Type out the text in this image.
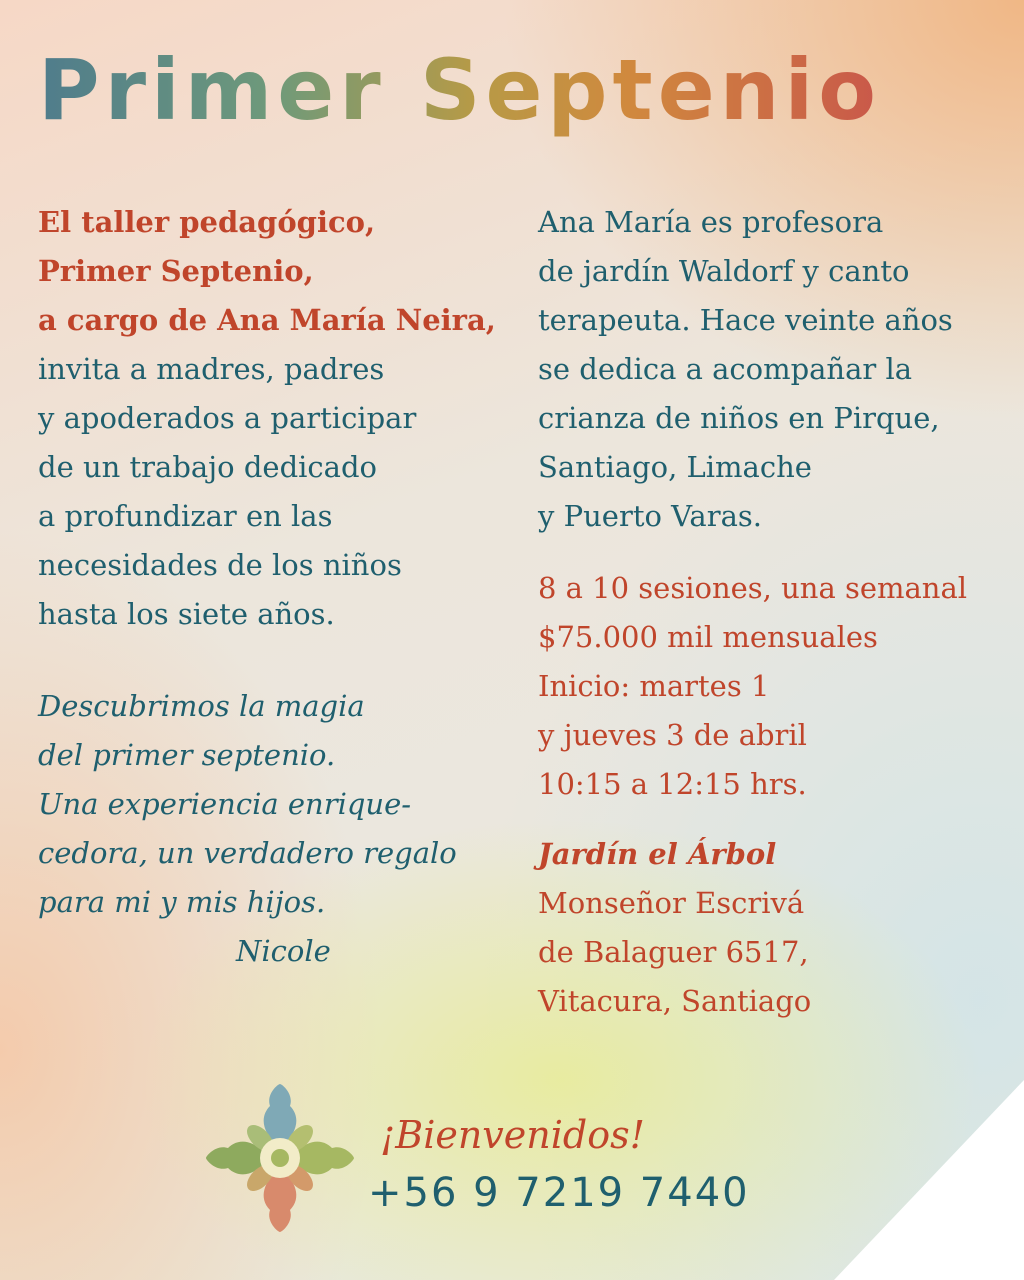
Primer Septenio

El taller pedagógico,
Primer Septenio,
a cargo de Ana María Neira,

invita a madres, padres
y apoderados a participar
de un trabajo dedicado
a profundizar en las
necesidades de los niños
hasta los siete años.

Descubrimos la magia
del primer septenio.
Una experiencia enrique-
cedora, un verdadero regalo
para mi y mis hijos.
Nicole
Ana María es profesora
de jardín Waldorf y canto
terapeuta. Hace veinte años
se dedica a acompañar la
crianza de niños en Pirque,
Santiago, Limache
y Puerto Varas.
8 a 10 sesiones, una semanal
$75.000 mil mensuales
Inicio: martes 1
y jueves 3 de abril
10:15 a 12:15 hrs.
Jardín el Árbol
Monseñor Escrivá
de Balaguer 6517,
Vitacura, Santiago

¡Bienvenidos!

+56 9 7219 7440
